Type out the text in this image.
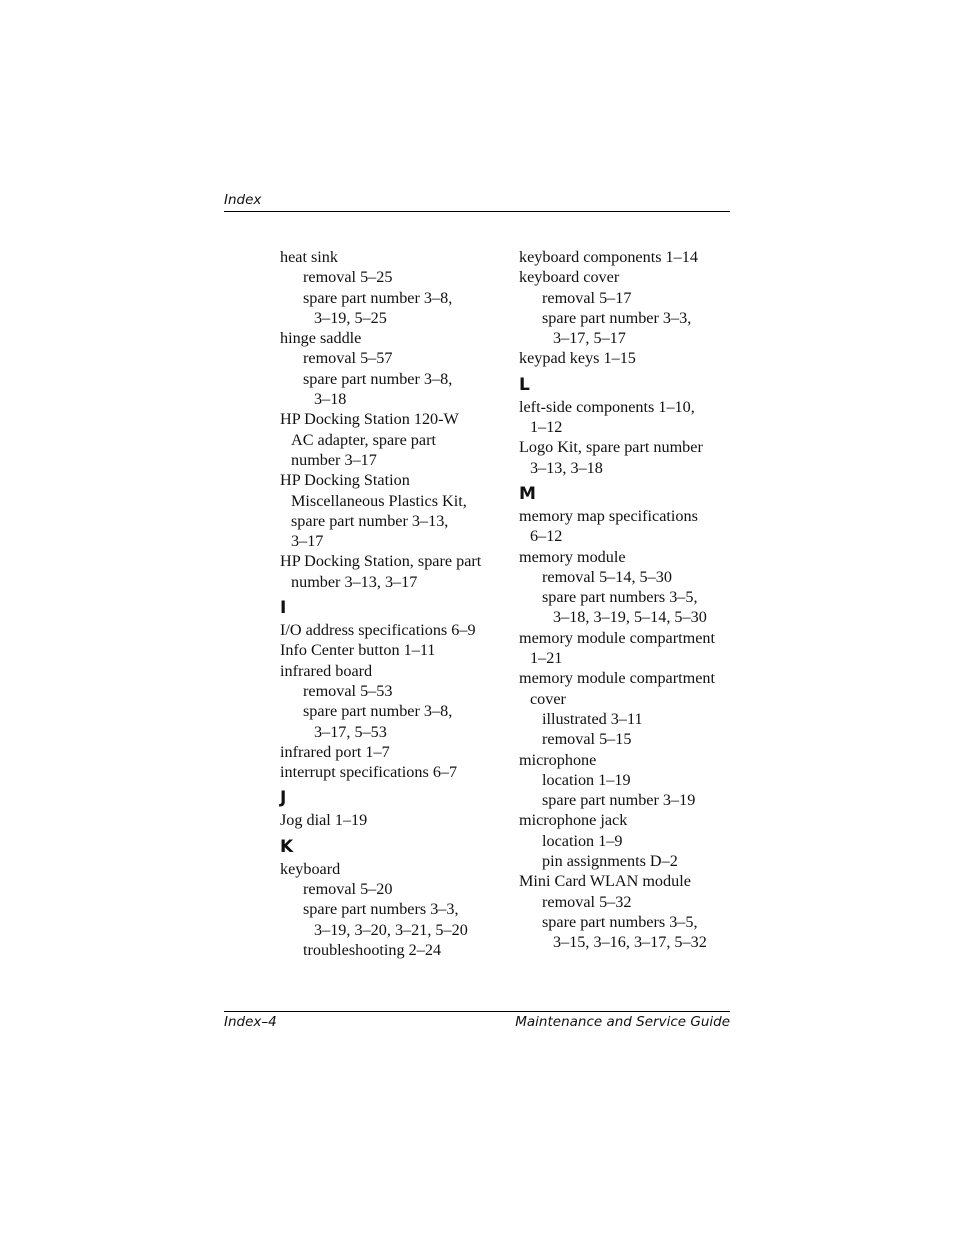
Index
heat sink
removal 5–25
spare part number 3–8,
3–19, 5–25
hinge saddle
removal 5–57
spare part number 3–8,
3–18
HP Docking Station 120-W
AC adapter, spare part
number 3–17
HP Docking Station
Miscellaneous Plastics Kit,
spare part number 3–13,
3–17
HP Docking Station, spare part
number 3–13, 3–17
I
I/O address specifications 6–9
Info Center button 1–11
infrared board
removal 5–53
spare part number 3–8,
3–17, 5–53
infrared port 1–7
interrupt specifications 6–7
J
Jog dial 1–19
K
keyboard
removal 5–20
spare part numbers 3–3,
3–19, 3–20, 3–21, 5–20
troubleshooting 2–24
keyboard components 1–14
keyboard cover
removal 5–17
spare part number 3–3,
3–17, 5–17
keypad keys 1–15
L
left-side components 1–10,
1–12
Logo Kit, spare part number
3–13, 3–18
M
memory map specifications
6–12
memory module
removal 5–14, 5–30
spare part numbers 3–5,
3–18, 3–19, 5–14, 5–30
memory module compartment
1–21
memory module compartment
cover
illustrated 3–11
removal 5–15
microphone
location 1–19
spare part number 3–19
microphone jack
location 1–9
pin assignments D–2
Mini Card WLAN module
removal 5–32
spare part numbers 3–5,
3–15, 3–16, 3–17, 5–32
Index–4	Maintenance and Service Guide
